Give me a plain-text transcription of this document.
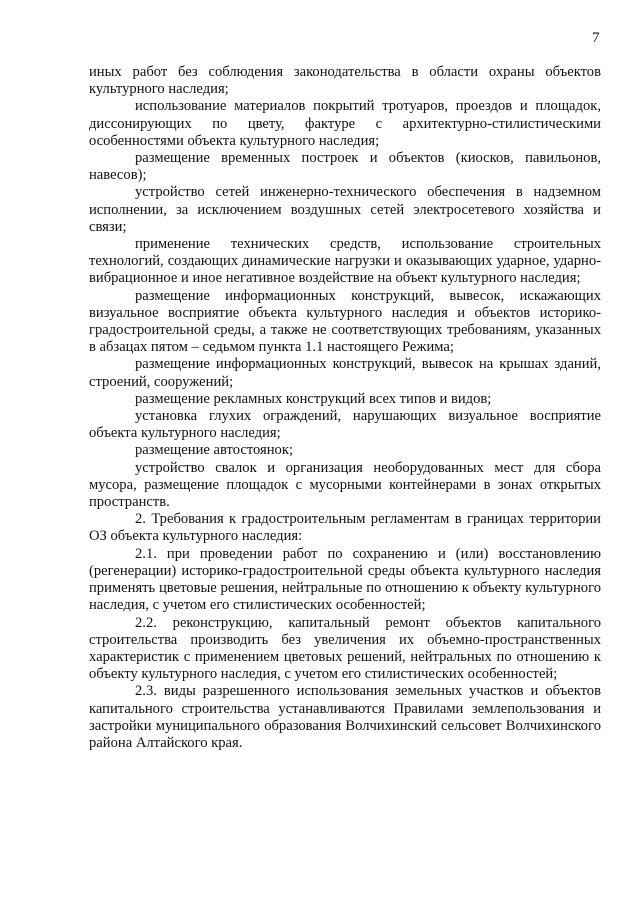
7

иных работ без соблюдения законодательства в области охраны объектов культурного наследия;

использование материалов покрытий тротуаров, проездов и площадок, диссонирующих по цвету, фактуре с архитектурно-стилистическими особенностями объекта культурного наследия;

размещение временных построек и объектов (киосков, павильонов, навесов);

устройство сетей инженерно-технического обеспечения в надземном исполнении, за исключением воздушных сетей электросетевого хозяйства и связи;

применение технических средств, использование строительных технологий, создающих динамические нагрузки и оказывающих ударное, ударно-вибрационное и иное негативное воздействие на объект культурного наследия;

размещение информационных конструкций, вывесок, искажающих визуальное восприятие объекта культурного наследия и объектов историко-градостроительной среды, а также не соответствующих требованиям, указанных в абзацах пятом – седьмом пункта 1.1 настоящего Режима;

размещение информационных конструкций, вывесок на крышах зданий, строений, сооружений;

размещение рекламных конструкций всех типов и видов;

установка глухих ограждений, нарушающих визуальное восприятие объекта культурного наследия;

размещение автостоянок;

устройство свалок и организация необорудованных мест для сбора мусора, размещение площадок с мусорными контейнерами в зонах открытых пространств.

2. Требования к градостроительным регламентам в границах территории ОЗ объекта культурного наследия:

2.1. при проведении работ по сохранению и (или) восстановлению (регенерации) историко-градостроительной среды объекта культурного наследия применять цветовые решения, нейтральные по отношению к объекту культурного наследия, с учетом его стилистических особенностей;

2.2. реконструкцию, капитальный ремонт объектов капитального строительства производить без увеличения их объемно-пространственных характеристик с применением цветовых решений, нейтральных по отношению к объекту культурного наследия, с учетом его стилистических особенностей;

2.3. виды разрешенного использования земельных участков и объектов капитального строительства устанавливаются Правилами землепользования и застройки муниципального образования Волчихинский сельсовет Волчихинского района Алтайского края.
